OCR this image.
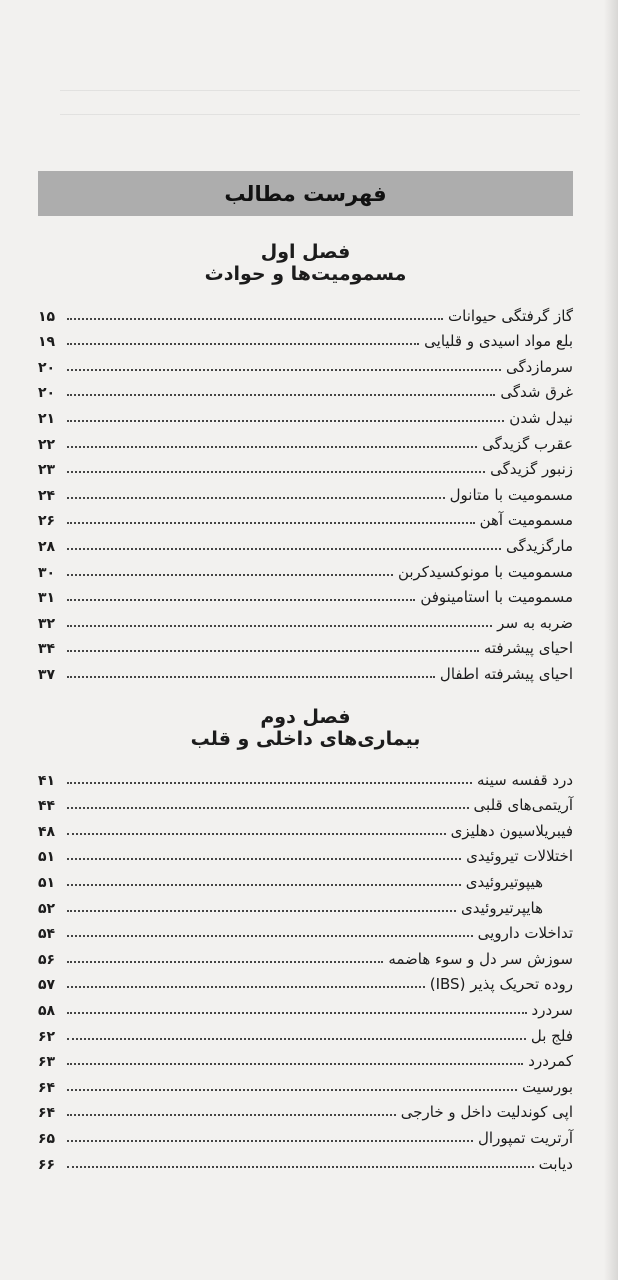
فهرست مطالب
فصل اول
مسمومیت‌ها و حوادث
گاز گرفتگی حیوانات
۱۵
بلع مواد اسیدی و قلیایی
۱۹
سرمازدگی
۲۰
غرق شدگی
۲۰
نیدل شدن
۲۱
عقرب گزیدگی
۲۲
زنبور گزیدگی
۲۳
مسمومیت با متانول
۲۴
مسمومیت آهن
۲۶
مارگزیدگی
۲۸
مسمومیت با مونوکسیدکربن
۳۰
مسمومیت با استامینوفن
۳۱
ضربه به سر
۳۲
احیای پیشرفته
۳۴
احیای پیشرفته اطفال
۳۷
فصل دوم
بیماری‌های داخلی و قلب
درد قفسه سینه
۴۱
آریتمی‌های قلبی
۴۴
فیبریلاسیون دهلیزی
۴۸
اختلالات تیروئیدی
۵۱
هیپوتیروئیدی
۵۱
هایپرتیروئیدی
۵۲
تداخلات دارویی
۵۴
سوزش سر دل و سوء هاضمه
۵۶
روده تحریک پذیر (IBS)
۵۷
سردرد
۵۸
فلج بل
۶۲
کمردرد
۶۳
بورسیت
۶۴
اپی کوندلیت داخل و خارجی
۶۴
آرتریت تمپورال
۶۵
دیابت
۶۶
